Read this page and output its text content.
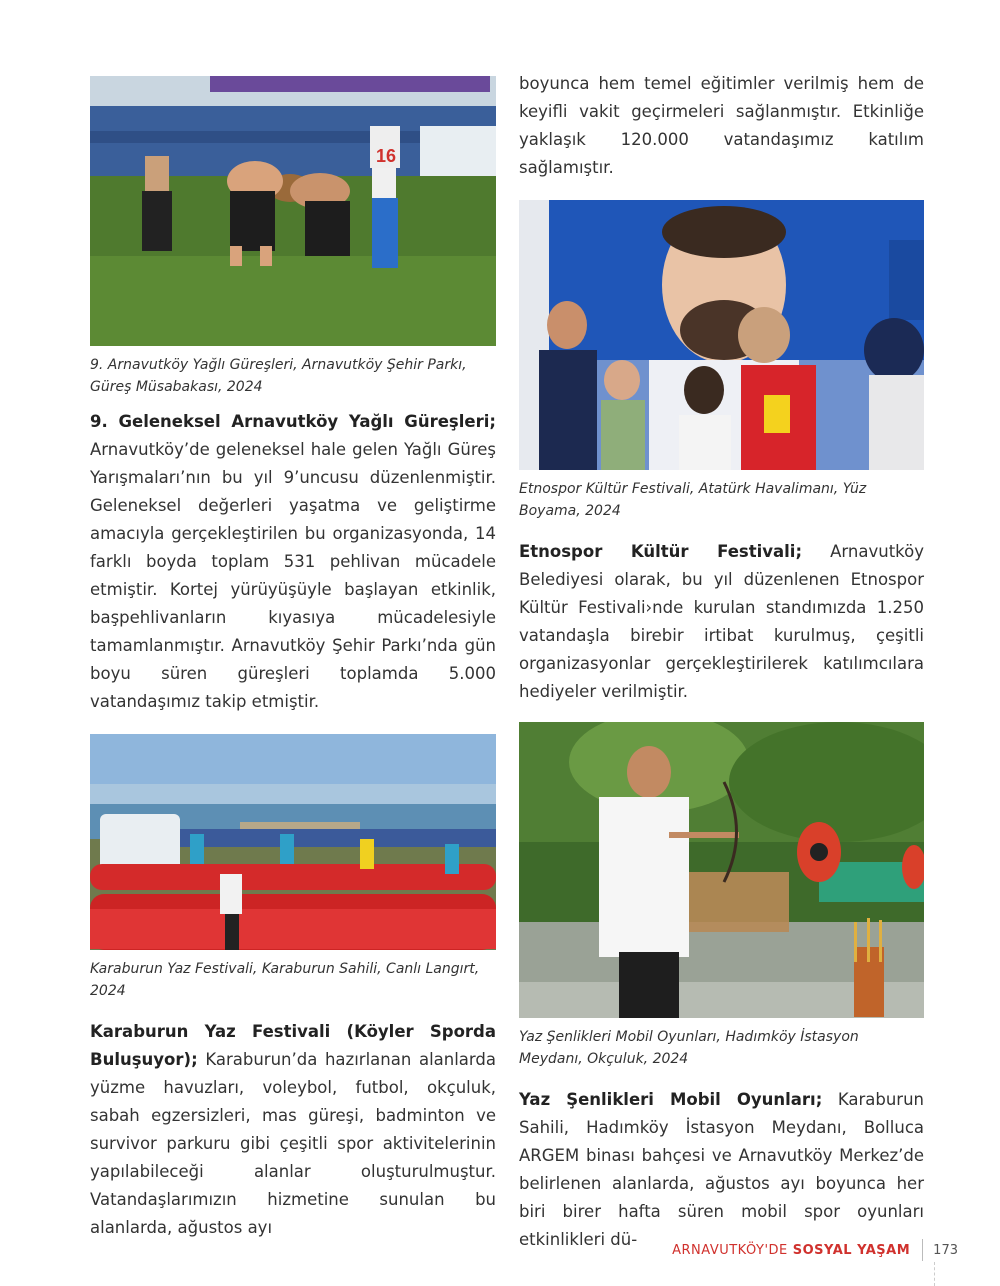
16

9. Arnavutköy Yağlı Güreşleri, Arnavutköy Şehir Parkı, Güreş Müsabakası, 2024

9. Geleneksel Arnavutköy Yağlı Güreşleri; Arnavutköy’de geleneksel hale gelen Yağlı Güreş Yarışmaları’nın bu yıl 9’uncusu düzenlenmiştir. Geleneksel değerleri yaşatma ve geliştirme amacıyla gerçekleştirilen bu organizasyonda, 14 farklı boyda toplam 531 pehlivan mücadele etmiştir. Kortej yürüyüşüyle başlayan etkinlik, başpehlivanların kıyasıya mücadelesiyle tamamlanmıştır. Arnavutköy Şehir Parkı’nda gün boyu süren güreşleri toplamda 5.000 vatandaşımız takip etmiştir.

Karaburun Yaz Festivali, Karaburun Sahili, Canlı Langırt, 2024

Karaburun Yaz Festivali (Köyler Sporda Buluşuyor); Karaburun’da hazırlanan alanlarda yüzme havuzları, voleybol, futbol, okçuluk, sabah egzersizleri, mas güreşi, badminton ve survivor parkuru gibi çeşitli spor aktivitelerinin yapılabileceği alanlar oluşturulmuştur. Vatandaşlarımızın hizmetine sunulan bu alanlarda, ağustos ayı

boyunca hem temel eğitimler verilmiş hem de keyifli vakit geçirmeleri sağlanmıştır. Etkinliğe yaklaşık 120.000 vatandaşımız katılım sağlamıştır.

Etnospor Kültür Festivali, Atatürk Havalimanı, Yüz Boyama, 2024

Etnospor Kültür Festivali; Arnavutköy Belediyesi olarak, bu yıl düzenlenen Etnospor Kültür Festivali›nde kurulan standımızda 1.250 vatandaşla birebir irtibat kurulmuş, çeşitli organizasyonlar gerçekleştirilerek katılımcılara hediyeler verilmiştir.

Yaz Şenlikleri Mobil Oyunları, Hadımköy İstasyon Meydanı, Okçuluk, 2024

Yaz Şenlikleri Mobil Oyunları; Karaburun Sahili, Hadımköy İstasyon Meydanı, Bolluca ARGEM binası bahçesi ve Arnavutköy Merkez’de belirlenen alanlarda, ağustos ayı boyunca her biri birer hafta süren mobil spor oyunları etkinlikleri dü-

ARNAVUTKÖY'DE SOSYAL YAŞAM 173
